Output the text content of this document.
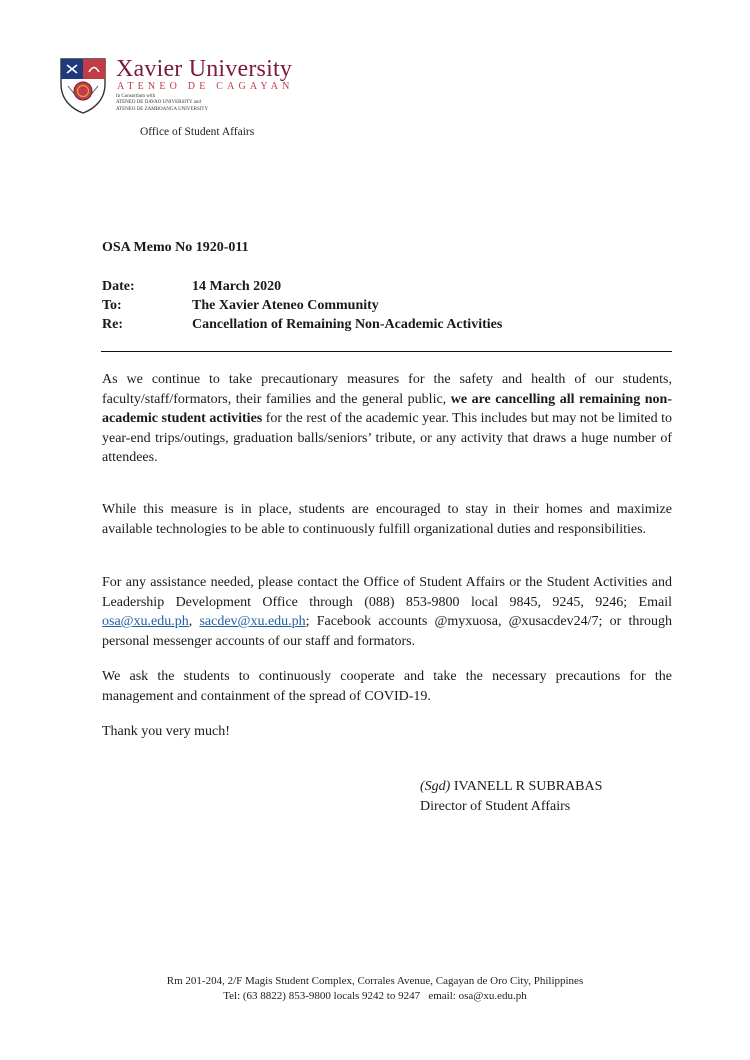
Xavier University
ATENEO DE CAGAYAN
In Consortium with
ATENEO DE DAVAO UNIVERSITY and
ATENEO DE ZAMBOANGA UNIVERSITY
Office of Student Affairs
OSA Memo No 1920-011
Date:	14 March 2020
To:	The Xavier Ateneo Community
Re:	Cancellation of Remaining Non-Academic Activities

As we continue to take precautionary measures for the safety and health of our students, faculty/staff/formators, their families and the general public, we are cancelling all remaining non-academic student activities for the rest of the academic year. This includes but may not be limited to year-end trips/outings, graduation balls/seniors’ tribute, or any activity that draws a huge number of attendees.

While this measure is in place, students are encouraged to stay in their homes and maximize available technologies to be able to continuously fulfill organizational duties and responsibilities.

For any assistance needed, please contact the Office of Student Affairs or the Student Activities and Leadership Development Office through (088) 853-9800 local 9845, 9245, 9246; Email osa@xu.edu.ph, sacdev@xu.edu.ph; Facebook accounts @myxuosa, @xusacdev24/7; or through personal messenger accounts of our staff and formators.

We ask the students to continuously cooperate and take the necessary precautions for the management and containment of the spread of COVID-19.

Thank you very much!

(Sgd) IVANELL R SUBRABAS
Director of Student Affairs
Rm 201-204, 2/F Magis Student Complex, Corrales Avenue, Cagayan de Oro City, Philippines
Tel: (63 8822) 853-9800 locals 9242 to 9247   email: osa@xu.edu.ph
